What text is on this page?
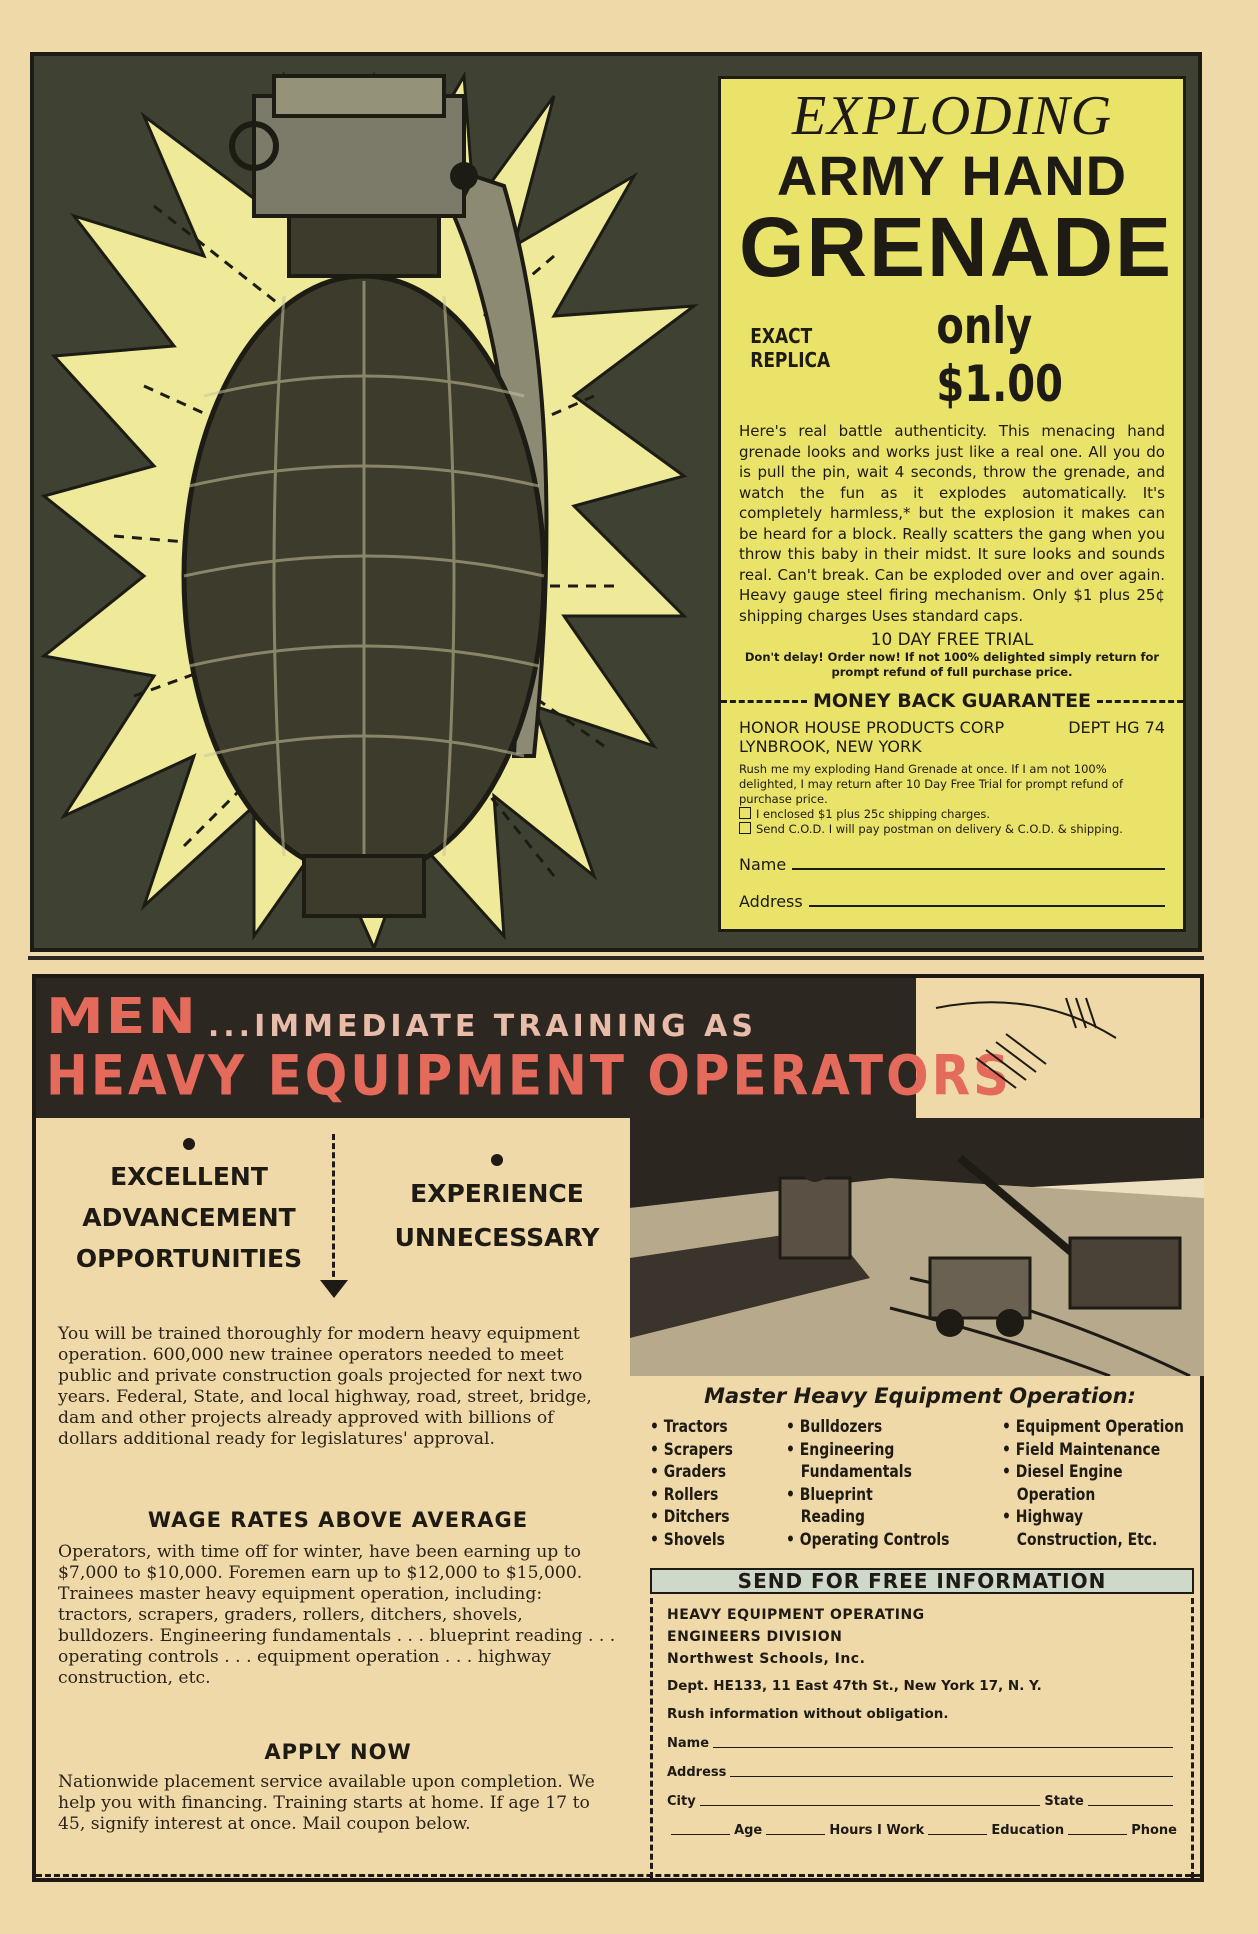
EXPLODING
ARMY HAND
GRENADE
EXACT REPLICA
only $1.00
Here's real battle authenticity. This menacing hand grenade looks and works just like a real one. All you do is pull the pin, wait 4 seconds, throw the grenade, and watch the fun as it explodes automatically. It's completely harmless,* but the explosion it makes can be heard for a block. Really scatters the gang when you throw this baby in their midst. It sure looks and sounds real. Can't break. Can be exploded over and over again. Heavy gauge steel firing mechanism. Only $1 plus 25¢ shipping charges Uses standard caps.
10 DAY FREE TRIAL
Don't delay! Order now! If not 100% delighted simply return for prompt refund of full purchase price.
MONEY BACK GUARANTEE
HONOR HOUSE PRODUCTS CORP	DEPT HG 74
LYNBROOK, NEW YORK
Rush me my exploding Hand Grenade at once. If I am not 100% delighted, I may return after 10 Day Free Trial for prompt refund of purchase price.
I enclosed $1 plus 25c shipping charges.
Send C.O.D. I will pay postman on delivery & C.O.D. & shipping.
Name
Address
MEN ...IMMEDIATE TRAINING AS
HEAVY EQUIPMENT OPERATORS
EXCELLENT
ADVANCEMENT
OPPORTUNITIES
EXPERIENCE
UNNECESSARY
You will be trained thoroughly for modern heavy equipment operation. 600,000 new trainee operators needed to meet public and private construction goals projected for next two years. Federal, State, and local highway, road, street, bridge, dam and other projects already approved with billions of dollars additional ready for legislatures' approval.
WAGE RATES ABOVE AVERAGE
Operators, with time off for winter, have been earning up to $7,000 to $10,000. Foremen earn up to $12,000 to $15,000. Trainees master heavy equipment operation, including: tractors, scrapers, graders, rollers, ditchers, shovels, bulldozers. Engineering fundamentals . . . blueprint reading . . . operating controls . . . equipment operation . . . highway construction, etc.
APPLY NOW
Nationwide placement service available upon completion. We help you with financing. Training starts at home. If age 17 to 45, signify interest at once. Mail coupon below.
Master Heavy Equipment Operation:
• Tractors
• Scrapers
• Graders
• Rollers
• Ditchers
• Shovels
• Bulldozers
• Engineering
Fundamentals
• Blueprint
Reading
• Operating Controls
• Equipment Operation
• Field Maintenance
• Diesel Engine
Operation
• Highway
Construction, Etc.
SEND FOR FREE INFORMATION
HEAVY EQUIPMENT OPERATING
ENGINEERS DIVISION
Northwest Schools, Inc.
Dept. HE133, 11 East 47th St., New York 17, N. Y.
Rush information without obligation.
Name
Address
City	State
Age	Hours I Work	Education	Phone
